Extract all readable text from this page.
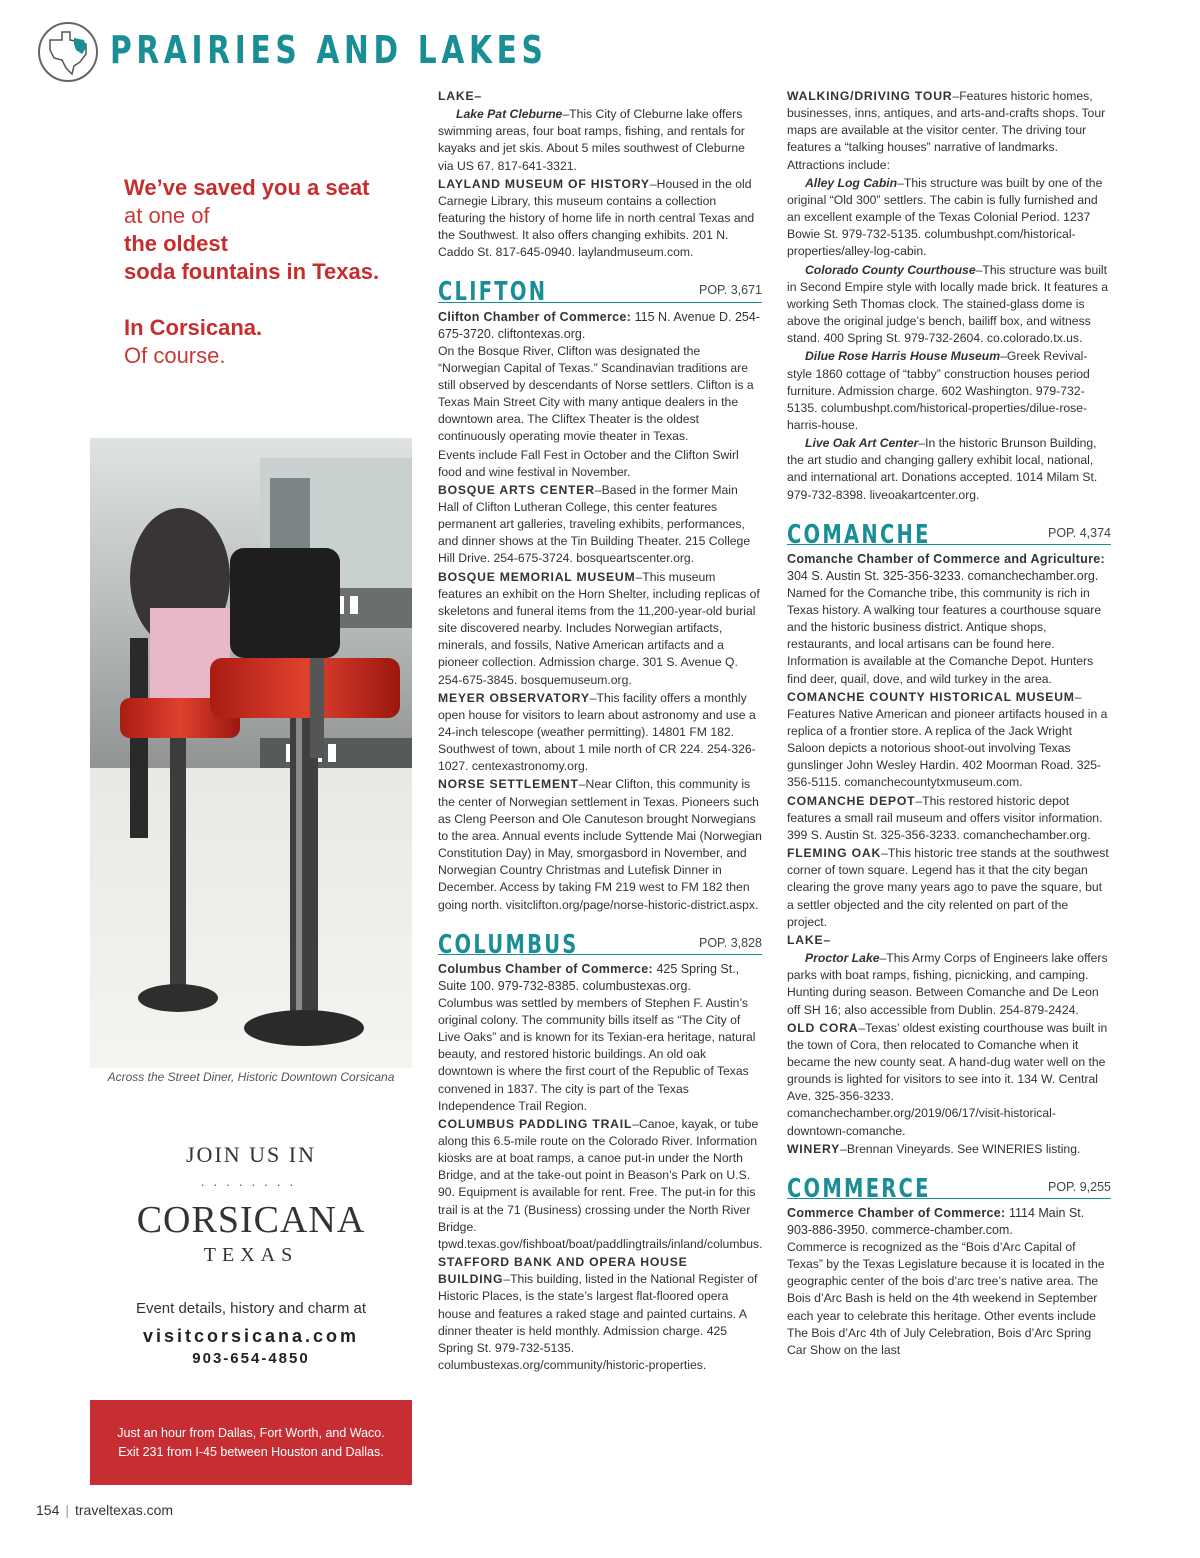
PRAIRIES AND LAKES
We’ve saved you a seat
at one of
the oldest
soda fountains in Texas.
In Corsicana.
Of course.
Across the Street Diner, Historic Downtown Corsicana
JOIN US IN
········
CORSICANA
TEXAS
Event details, history and charm at
visitcorsicana.com
903-654-4850
Just an hour from Dallas, Fort Worth, and Waco.
Exit 231 from I-45 between Houston and Dallas.

LAKE–

Lake Pat Cleburne–This City of Cleburne lake offers swimming areas, four boat ramps, fishing, and rentals for kayaks and jet skis. About 5 miles southwest of Cleburne via US 67. 817-641-3321.

LAYLAND MUSEUM OF HISTORY–Housed in the old Carnegie Library, this museum contains a collection featuring the history of home life in north central Texas and the Southwest. It also offers changing exhibits. 201 N. Caddo St. 817-645-0940. laylandmuseum.com.

CLIFTON	POP. 3,671

Clifton Chamber of Commerce: 115 N. Avenue D. 254-675-3720. cliftontexas.org.

On the Bosque River, Clifton was designated the “Norwegian Capital of Texas.” Scandinavian traditions are still observed by descendants of Norse settlers. Clifton is a Texas Main Street City with many antique dealers in the downtown area. The Cliftex Theater is the oldest continuously operating movie theater in Texas.

Events include Fall Fest in October and the Clifton Swirl food and wine festival in November.

BOSQUE ARTS CENTER–Based in the former Main Hall of Clifton Lutheran College, this center features permanent art galleries, traveling exhibits, performances, and dinner shows at the Tin Building Theater. 215 College Hill Drive. 254-675-3724. bosqueartscenter.org.

BOSQUE MEMORIAL MUSEUM–This museum features an exhibit on the Horn Shelter, including replicas of skeletons and funeral items from the 11,200-year-old burial site discovered nearby. Includes Norwegian artifacts, minerals, and fossils, Native American artifacts and a pioneer collection. Admission charge. 301 S. Avenue Q. 254-675-3845. bosquemuseum.org.

MEYER OBSERVATORY–This facility offers a monthly open house for visitors to learn about astronomy and use a 24-inch telescope (weather permitting). 14801 FM 182. Southwest of town, about 1 mile north of CR 224. 254-326-1027. centexastronomy.org.

NORSE SETTLEMENT–Near Clifton, this community is the center of Norwegian settlement in Texas. Pioneers such as Cleng Peerson and Ole Canuteson brought Norwegians to the area. Annual events include Syttende Mai (Norwegian Constitution Day) in May, smorgasbord in November, and Norwegian Country Christmas and Lutefisk Dinner in December. Access by taking FM 219 west to FM 182 then going north. visitclifton.org/page/norse-historic-district.aspx.

COLUMBUS	POP. 3,828

Columbus Chamber of Commerce: 425 Spring St., Suite 100. 979-732-8385. columbustexas.org.

Columbus was settled by members of Stephen F. Austin’s original colony. The community bills itself as “The City of Live Oaks” and is known for its Texian-era heritage, natural beauty, and restored historic buildings. An old oak downtown is where the first court of the Republic of Texas convened in 1837. The city is part of the Texas Independence Trail Region.

COLUMBUS PADDLING TRAIL–Canoe, kayak, or tube along this 6.5-mile route on the Colorado River. Information kiosks are at boat ramps, a canoe put-in under the North Bridge, and at the take-out point in Beason’s Park on U.S. 90. Equipment is available for rent. Free. The put-in for this trail is at the 71 (Business) crossing under the North River Bridge. tpwd.texas.gov/fishboat/boat/paddlingtrails/inland/columbus.

STAFFORD BANK AND OPERA HOUSE BUILDING–This building, listed in the National Register of Historic Places, is the state’s largest flat-floored opera house and features a raked stage and painted curtains. A dinner theater is held monthly. Admission charge. 425 Spring St. 979-732-5135. columbustexas.org/community/historic-properties.

WALKING/DRIVING TOUR–Features historic homes, businesses, inns, antiques, and arts-and-crafts shops. Tour maps are available at the visitor center. The driving tour features a “talking houses” narrative of landmarks. Attractions include:

Alley Log Cabin–This structure was built by one of the original “Old 300” settlers. The cabin is fully furnished and an excellent example of the Texas Colonial Period. 1237 Bowie St. 979-732-5135. columbushpt.com/historical-properties/alley-log-cabin.

Colorado County Courthouse–This structure was built in Second Empire style with locally made brick. It features a working Seth Thomas clock. The stained-glass dome is above the original judge’s bench, bailiff box, and witness stand. 400 Spring St. 979-732-2604. co.colorado.tx.us.

Dilue Rose Harris House Museum–Greek Revival-style 1860 cottage of “tabby” construction houses period furniture. Admission charge. 602 Washington. 979-732-5135. columbushpt.com/historical-properties/dilue-rose-harris-house.

Live Oak Art Center–In the historic Brunson Building, the art studio and changing gallery exhibit local, national, and international art. Donations accepted. 1014 Milam St. 979-732-8398. liveoakartcenter.org.

COMANCHE	POP. 4,374

Comanche Chamber of Commerce and Agriculture: 304 S. Austin St. 325-356-3233. comanchechamber.org.

Named for the Comanche tribe, this community is rich in Texas history. A walking tour features a courthouse square and the historic business district. Antique shops, restaurants, and local artisans can be found here. Information is available at the Comanche Depot. Hunters find deer, quail, dove, and wild turkey in the area.

COMANCHE COUNTY HISTORICAL MUSEUM–Features Native American and pioneer artifacts housed in a replica of a frontier store. A replica of the Jack Wright Saloon depicts a notorious shoot-out involving Texas gunslinger John Wesley Hardin. 402 Moorman Road. 325-356-5115. comanchecountytxmuseum.com.

COMANCHE DEPOT–This restored historic depot features a small rail museum and offers visitor information. 399 S. Austin St. 325-356-3233. comanchechamber.org.

FLEMING OAK–This historic tree stands at the southwest corner of town square. Legend has it that the city began clearing the grove many years ago to pave the square, but a settler objected and the city relented on part of the project.

LAKE–

Proctor Lake–This Army Corps of Engineers lake offers parks with boat ramps, fishing, picnicking, and camping. Hunting during season. Between Comanche and De Leon off SH 16; also accessible from Dublin. 254-879-2424.

OLD CORA–Texas’ oldest existing courthouse was built in the town of Cora, then relocated to Comanche when it became the new county seat. A hand-dug water well on the grounds is lighted for visitors to see into it. 134 W. Central Ave. 325-356-3233. comanchechamber.org/2019/06/17/visit-historical-downtown-comanche.

WINERY–Brennan Vineyards. See WINERIES listing.

COMMERCE	POP. 9,255

Commerce Chamber of Commerce: 1114 Main St. 903-886-3950. commerce-chamber.com.

Commerce is recognized as the “Bois d’Arc Capital of Texas” by the Texas Legislature because it is located in the geographic center of the bois d’arc tree’s native area. The Bois d’Arc Bash is held on the 4th weekend in September each year to celebrate this heritage. Other events include The Bois d’Arc 4th of July Celebration, Bois d’Arc Spring Car Show on the last

154 | traveltexas.com
